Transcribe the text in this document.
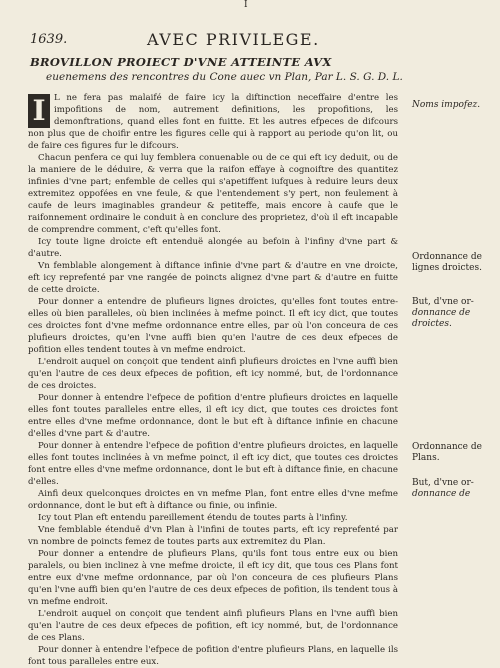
I
1639.	AVEC PRIVILEGE.
BROVILLON PROIECT D'VNE ATTEINTE AVX
euenemens des rencontres du Cone auec vn Plan, Par L. S. G. D. L.

I L ne fera pas malaifé de faire icy la diftinction neceffaire d'entre les impofitions de nom, autrement definitions, les propofitions, les demonftrations, quand elles font en fuitte. Et les autres efpeces de difcours non plus que de choifir entre les figures celle qui à rapport au periode qu'on lit, ou de faire ces figures fur le difcours.

Chacun penfera ce qui luy femblera conuenable ou de ce qui eft icy deduit, ou de la maniere de le déduire, & verra que la raifon effaye à cognoiftre des quantitez infinies d'vne part; enfemble de celles qui s'apetiffent iufques à reduire leurs deux extremitez oppofées en vne feule, & que l'entendement s'y pert, non feulement à caufe de leurs imaginables grandeur & petiteffe, mais encore à caufe que le raifonnement ordinaire le conduit à en conclure des proprietez, d'où il eft incapable de comprendre comment, c'eft qu'elles font.

Icy toute ligne droicte eft entenduë alongée au befoin à l'infiny d'vne part & d'autre.

Vn femblable alongement à diftance infinie d'vne part & d'autre en vne droicte, eft icy reprefenté par vne rangée de poincts alignez d'vne part & d'autre en fuitte de cette droicte.

Pour donner a entendre de plufieurs lignes droictes, qu'elles font toutes entre-elles où bien paralleles, où bien inclinées à mefme poinct. Il eft icy dict, que toutes ces droictes font d'vne mefme ordonnance entre elles, par où l'on conceura de ces plufieurs droictes, qu'en l'vne auffi bien qu'en l'autre de ces deux efpeces de pofition elles tendent toutes à vn mefme endroict.

L'endroit auquel on conçoit que tendent ainfi plufieurs droictes en l'vne auffi bien qu'en l'autre de ces deux efpeces de pofition, eft icy nommé, but, de l'ordonnance de ces droictes.

Pour donner à entendre l'efpece de pofition d'entre plufieurs droictes en laquelle elles font toutes paralleles entre elles, il eft icy dict, que toutes ces droictes font entre elles d'vne mefme ordonnance, dont le but eft à diftance infinie en chacune d'elles d'vne part & d'autre.

Pour donner à entendre l'efpece de pofition d'entre plufieurs droictes, en laquelle elles font toutes inclinées à vn mefme poinct, il eft icy dict, que toutes ces droictes font entre elles d'vne mefme ordonnance, dont le but eft à diftance finie, en chacune d'elles.

Ainfi deux quelconques droictes en vn mefme Plan, font entre elles d'vne mefme ordonnance, dont le but eft à diftance ou finie, ou infinie.

Icy tout Plan eft entendu pareillement étendu de toutes parts à l'infiny.

Vne femblable étenduë d'vn Plan à l'infini de toutes parts, eft icy reprefenté par vn nombre de poincts femez de toutes parts aux extremitez du Plan.

Pour donner a entendre de plufieurs Plans, qu'ils font tous entre eux ou bien paralels, ou bien inclinez à vne mefme droicte, il eft icy dit, que tous ces Plans font entre eux d'vne mefme ordonnance, par où l'on conceura de ces plufieurs Plans qu'en l'vne auffi bien qu'en l'autre de ces deux efpeces de pofition, ils tendent tous à vn mefme endroit.

L'endroit auquel on conçoit que tendent ainfi plufieurs Plans en l'vne auffi bien qu'en l'autre de ces deux efpeces de pofition, eft icy nommé, but, de l'ordonnance de ces Plans.

Pour donner à entendre l'efpece de pofition d'entre plufieurs Plans, en laquelle ils font tous paralleles entre eux.

Noms impofez.
Ordonnance de lignes droictes.
But, d'vne or-
donnance de droictes.
Ordonnance de Plans.
But, d'vne or-
donnance de
